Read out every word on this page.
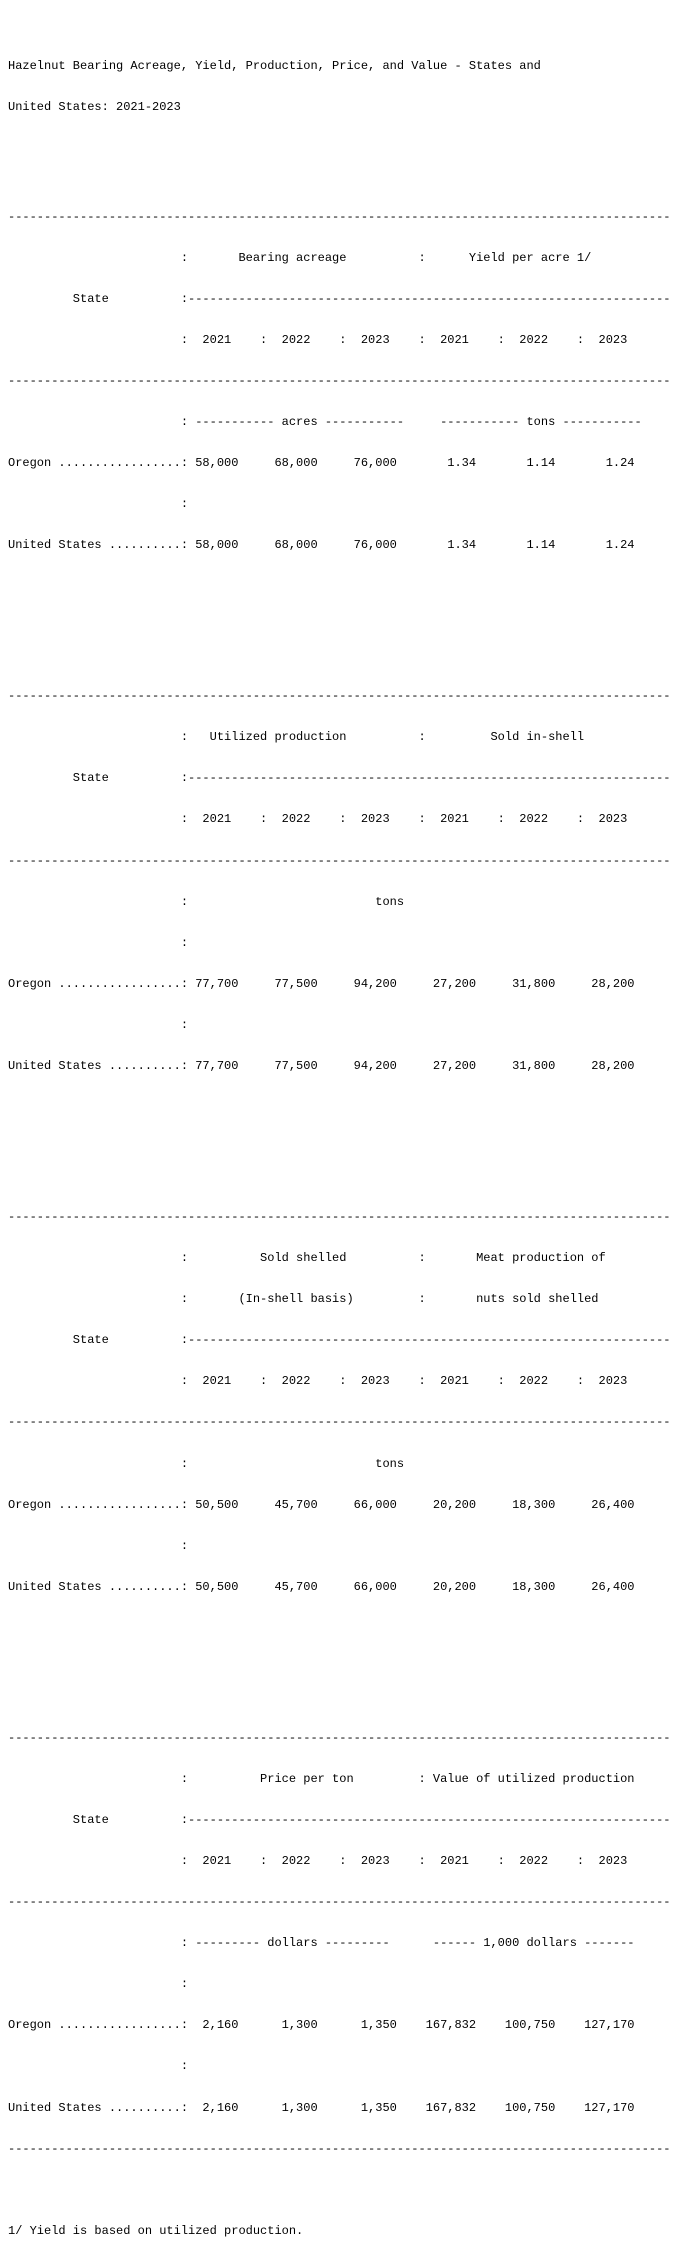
Hazelnut Bearing Acreage, Yield, Production, Price, and Value - States and

United States: 2021-2023

--------------------------------------------------------------------------------------------

:       Bearing acreage          :      Yield per acre 1/

State          :-------------------------------------------------------------------

:  2021    :  2022    :  2023    :  2021    :  2022    :  2023

--------------------------------------------------------------------------------------------

: ----------- acres -----------     ----------- tons -----------

Oregon .................: 58,000     68,000     76,000       1.34       1.14       1.24

:

United States ..........: 58,000     68,000     76,000       1.34       1.14       1.24

--------------------------------------------------------------------------------------------

:   Utilized production          :         Sold in-shell

State          :-------------------------------------------------------------------

:  2021    :  2022    :  2023    :  2021    :  2022    :  2023

--------------------------------------------------------------------------------------------

:                          tons

:

Oregon .................: 77,700     77,500     94,200     27,200     31,800     28,200

:

United States ..........: 77,700     77,500     94,200     27,200     31,800     28,200

--------------------------------------------------------------------------------------------

:          Sold shelled          :       Meat production of

:       (In-shell basis)         :       nuts sold shelled

State          :-------------------------------------------------------------------

:  2021    :  2022    :  2023    :  2021    :  2022    :  2023

--------------------------------------------------------------------------------------------

:                          tons

Oregon .................: 50,500     45,700     66,000     20,200     18,300     26,400

:

United States ..........: 50,500     45,700     66,000     20,200     18,300     26,400

--------------------------------------------------------------------------------------------

:          Price per ton         : Value of utilized production

State          :-------------------------------------------------------------------

:  2021    :  2022    :  2023    :  2021    :  2022    :  2023

--------------------------------------------------------------------------------------------

: --------- dollars ---------      ------ 1,000 dollars -------

:

Oregon .................:  2,160      1,300      1,350    167,832    100,750    127,170

:

United States ..........:  2,160      1,300      1,350    167,832    100,750    127,170

--------------------------------------------------------------------------------------------

1/ Yield is based on utilized production.
